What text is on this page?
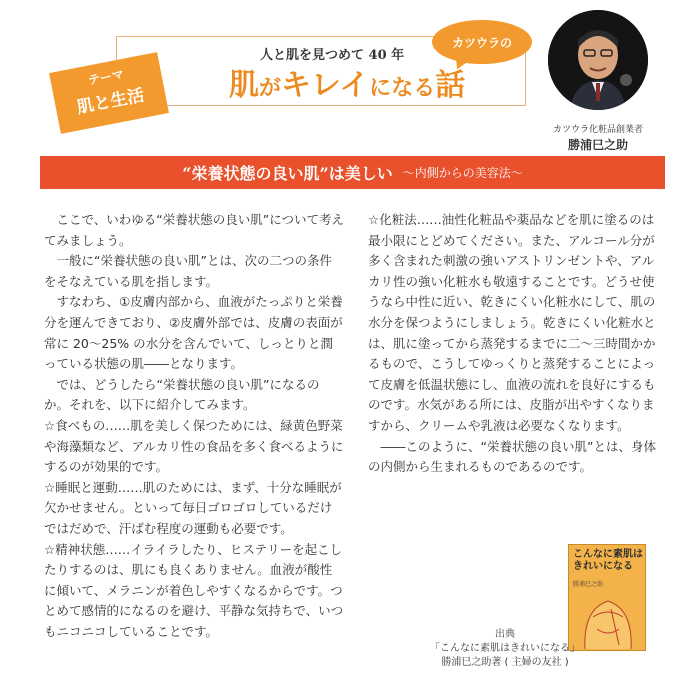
テーマ
肌と生活
人と肌を見つめて 40 年
肌がキレイになる話
カツウラの
カツウラ化粧品創業者
勝浦巳之助
“栄養状態の良い肌”は美しい 〜内側からの美容法〜

ここで、いわゆる“栄養状態の良い肌”について考えてみましょう。

一般に“栄養状態の良い肌”とは、次の二つの条件をそなえている肌を指します。

すなわち、①皮膚内部から、血液がたっぷりと栄養分を運んできており、②皮膚外部では、皮膚の表面が常に 20〜25% の水分を含んでいて、しっとりと潤っている状態の肌――となります。

では、どうしたら“栄養状態の良い肌”になるのか。それを、以下に紹介してみます。

☆食べもの……肌を美しく保つためには、緑黄色野菜や海藻類など、アルカリ性の食品を多く食べるようにするのが効果的です。

☆睡眠と運動……肌のためには、まず、十分な睡眠が欠かせません。といって毎日ゴロゴロしているだけではだめで、汗ばむ程度の運動も必要です。

☆精神状態……イライラしたり、ヒステリーを起こしたりするのは、肌にも良くありません。血液が酸性に傾いて、メラニンが着色しやすくなるからです。つとめて感情的になるのを避け、平静な気持ちで、いつもニコニコしていることです。

☆化粧法……油性化粧品や薬品などを肌に塗るのは最小限にとどめてください。また、アルコール分が多く含まれた刺激の強いアストリンゼントや、アルカリ性の強い化粧水も敬遠することです。どうせ使うなら中性に近い、乾きにくい化粧水にして、肌の水分を保つようにしましょう。乾きにくい化粧水とは、肌に塗ってから蒸発するまでに二〜三時間かかるもので、こうしてゆっくりと蒸発することによって皮膚を低温状態にし、血液の流れを良好にするものです。水気がある所には、皮脂が出やすくなりますから、クリームや乳液は必要なくなります。

――このように、“栄養状態の良い肌”とは、身体の内側から生まれるものであるのです。

こんなに素肌は
きれいになる
勝浦巳之助
出典
「こんなに素肌はきれいになる」
勝浦巳之助著 ( 主婦の友社 )
